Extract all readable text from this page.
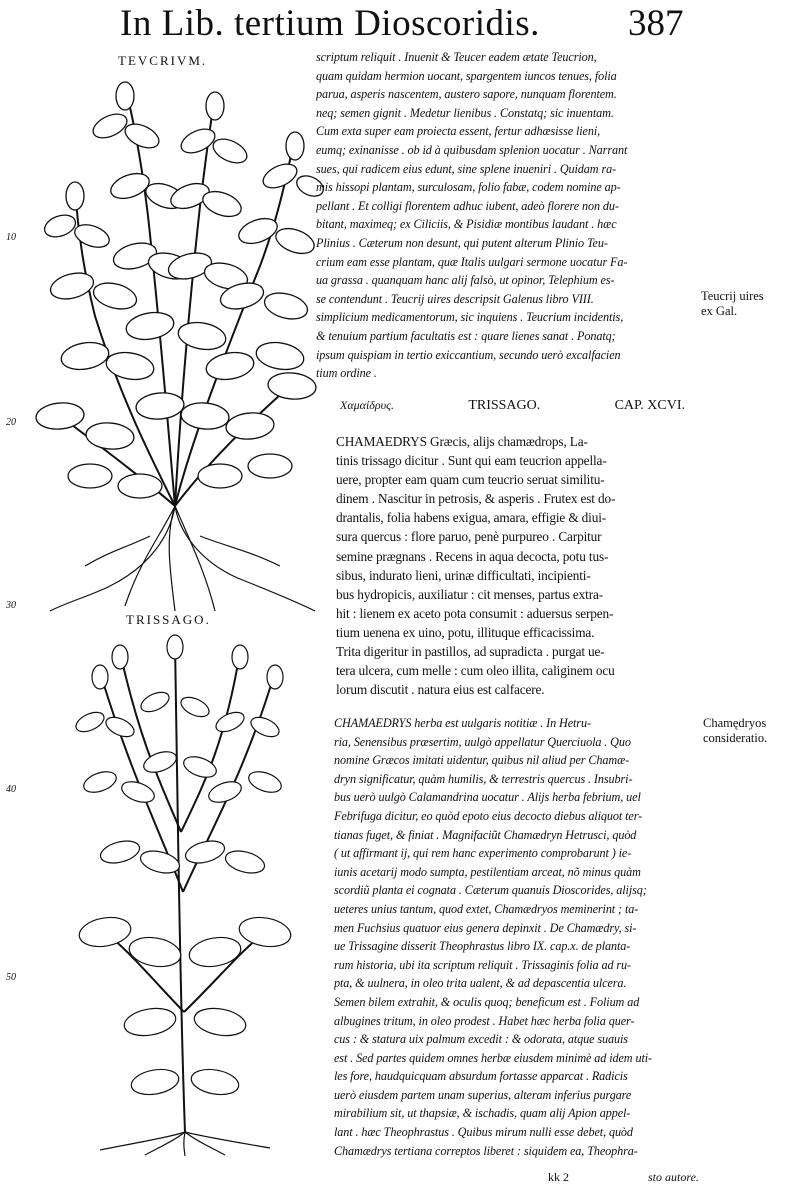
In Lib. tertium Dioscoridis. 387
TEVCRIVM.
TRISSAGO.
10
20
30
40
50
scriptum reliquit . Inuenit & Teucer eadem ætate Teucrion,
quam quidam hermion uocant, spargentem iuncos tenues, folia
parua, asperis nascentem, austero sapore, nunquam florentem.
neq; semen gignit . Medetur lienibus . Constatq; sic inuentam.
Cum exta super eam proiecta essent, fertur adhæsisse lieni,
eumq; exinanisse . ob id à quibusdam splenion uocatur . Narrant
sues, qui radicem eius edunt, sine splene inueniri . Quidam ra-
mis hissopi plantam, surculosam, folio fabæ, codem nomine ap-
pellant . Et colligi florentem adhuc iubent, adeò florere non du-
bitant, maximeq; ex Ciliciis, & Pisidiæ montibus laudant . hæc
Plinius . Cæterum non desunt, qui putent alterum Plinio Teu-
crium eam esse plantam, quæ Italis uulgari sermone uocatur Fa-
ua grassa . quanquam hanc alij falsò, ut opinor, Telephium es-
se contendunt . Teucrij uires descripsit Galenus libro VIII.
simplicium medicamentorum, sic inquiens . Teucrium incidentis,
& tenuium partium facultatis est : quare lienes sanat . Ponatq;
ipsum quispiam in tertio exiccantium, secundo uerò excalfacien
tium ordine .
Teucrij uires
ex Gal.
Χαμαίδρυς.	TRISSAGO.	CAP. XCVI.
CHAMAEDRYS Græcis, alijs chamædrops, La-
tinis trissago dicitur . Sunt qui eam teucrion appella-
uere, propter eam quam cum teucrio seruat similitu-
dinem . Nascitur in petrosis, & asperis . Frutex est do-
drantalis, folia habens exigua, amara, effigie & diui-
sura quercus : flore paruo, penè purpureo . Carpitur
semine prægnans . Recens in aqua decocta, potu tus-
sibus, indurato lieni, urinæ difficultati, incipienti-
bus hydropicis, auxiliatur : cit menses, partus extra-
hit : lienem ex aceto pota consumit : aduersus serpen-
tium uenena ex uino, potu, illituque efficacissima.
Trita digeritur in pastillos, ad supradicta . purgat ue-
tera ulcera, cum melle : cum oleo illita, caliginem ocu
lorum discutit . natura eius est calfacere.
CHAMAEDRYS herba est uulgaris notitiæ . In Hetru-
ria, Senensibus præsertim, uulgò appellatur Querciuola . Quo
nomine Græcos imitati uidentur, quibus nil aliud per Chamæ-
dryn significatur, quàm humilis, & terrestris quercus . Insubri-
bus uerò uulgò Calamandrina uocatur . Alijs herba febrium, uel
Febrifuga dicitur, eo quòd epoto eius decocto diebus aliquot ter-
tianas fuget, & finiat . Magnifaciũt Chamædryn Hetrusci, quòd
( ut affirmant ij, qui rem hanc experimento comprobarunt ) ie-
iunis acetarij modo sumpta, pestilentiam arceat, nõ minus quàm
scordiũ planta ei cognata . Cæterum quanuis Dioscorides, alijsq;
ueteres unius tantum, quod extet, Chamædryos meminerint ; ta-
men Fuchsius quatuor eius genera depinxit . De Chamædry, si-
ue Trissagine disserit Theophrastus libro IX. cap.x. de planta-
rum historia, ubi ita scriptum reliquit . Trissaginis folia ad ru-
pta, & uulnera, in oleo trita ualent, & ad depascentia ulcera.
Semen bilem extrahit, & oculis quoq; beneficum est . Folium ad
albugines tritum, in oleo prodest . Habet hæc herba folia quer-
cus : & statura uix palmum excedit : & odorata, atque suauis
est . Sed partes quidem omnes herbæ eiusdem minimè ad idem uti-
les fore, haudquicquam absurdum fortasse apparcat . Radicis
uerò eiusdem partem unam superius, alteram inferius purgare
mirabilium sit, ut thapsiæ, & ischadis, quam alij Apion appel-
lant . hæc Theophrastus . Quibus mirum nulli esse debet, quòd
Chamædrys tertiana correptos liberet : siquidem ea, Theophra-
Chamędryos
consideratio.
kk 2	sto autore.
